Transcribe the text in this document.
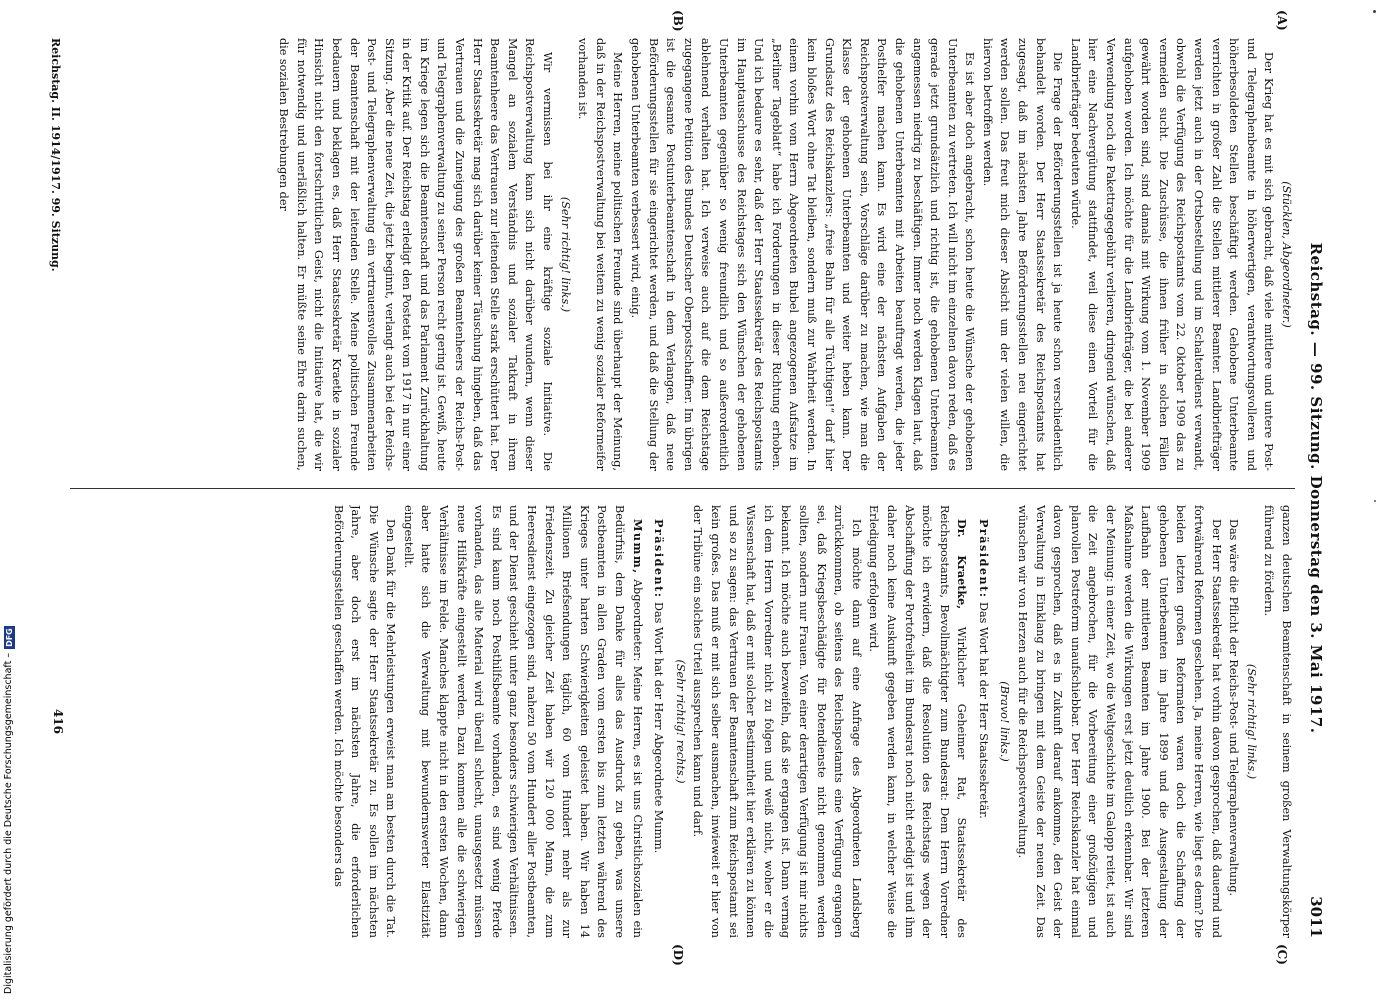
Reichstag. — 99. Sitzung. Donnerstag den 3. Mai 1917.
3011
(A)
(B)
(C)
(D)

(Stücklen, Abgeordneter.)

Der Krieg hat es mit sich gebracht, daß viele mittlere und untere Post- und Telegraphenbeamte in höherwertigen, verantwortungsvolleren und höherbesoldeten Stellen beschäftigt werden. Gehobene Unterbeamte verrichten in großer Zahl die Stellen mittlerer Beamter. Landbriefträger werden jetzt auch in der Ortsbestellung und im Schalterdienst verwandt, obwohl die Verfügung des Reichspostamts vom 22. Oktober 1909 das zu vermeiden sucht. Die Zuschüsse, die ihnen früher in solchen Fällen gewährt worden sind, sind damals mit Wirkung vom 1. November 1909 aufgehoben worden. Ich möchte für die Landbriefträger, die bei anderer Verwendung noch die Pakettragegebühr verlieren, dringend wünschen, daß hier eine Nachvergütung stattfindet, weil diese einen Vorteil für die Landbriefträger bedeuten würde.

Die Frage der Beförderungsstellen ist ja heute schon verschiedentlich behandelt worden. Der Herr Staatssekretär des Reichspostamts hat zugesagt, daß im nächsten Jahre Beförderungsstellen neu eingerichtet werden sollen. Das freut mich dieser Absicht um der vielen willen, die hiervon betroffen werden.

Es ist aber doch angebracht, schon heute die Wünsche der gehobenen Unterbeamten zu vertreten. Ich will nicht im einzelnen davon reden, daß es gerade jetzt grundsätzlich und richtig ist, die gehobenen Unterbeamten angemessen niedrig zu beschäftigen. Immer noch werden Klagen laut, daß die gehobenen Unterbeamten mit Arbeiten beauftragt werden, die jeder Posthelfer machen kann. Es wird eine der nächsten Aufgaben der Reichspostverwaltung sein, Vorschläge darüber zu machen, wie man die Klasse der gehobenen Unterbeamten und weiter heben kann. Der Grundsatz des Reichskanzlers: „freie Bahn für alle Tüchtigen!“ darf hier kein bloßes Wort ohne Tat bleiben, sondern muß zur Wahrheit werden. In einem vorhin vom Herrn Abgeordneten Bubel angezogenen Aufsatze im „Berliner Tageblatt“ habe ich Forderungen in dieser Richtung erhoben. Und ich bedaure es sehr, daß der Herr Staatssekretär des Reichspostamts im Hauptausschusse des Reichstages sich den Wünschen der gehobenen Unterbeamten gegenüber so wenig freundlich und so außerordentlich ablehnend verhalten hat. Ich verweise auch auf die dem Reichstage zugegangene Petition des Bundes Deutscher Oberpostschaffner. Im übrigen ist die gesamte Postunterbeamtenschaft in dem Verlangen, daß neue Beförderungsstellen für sie eingerichtet werden, und daß die Stellung der gehobenen Unterbeamten verbessert wird, einig.

Meine Herren, meine politischen Freunde sind überhaupt der Meinung, daß in der Reichspostverwaltung bei weitem zu wenig sozialer Reformeifer vorhanden ist.

(Sehr richtig! links.)

Wir vermissen bei ihr eine kräftige soziale Initiative. Die Reichspostverwaltung kann sich nicht darüber wundern, wenn dieser Mangel an sozialem Verständnis und sozialer Tatkraft in ihrem Beamtenheere das Vertrauen zur leitenden Stelle stark erschüttert hat. Der Herr Staatssekretär mag sich darüber keiner Täuschung hingeben, daß das Vertrauen und die Zuneigung des großen Beamtenheers der Reichs-Post- und Telegraphenverwaltung zu seiner Person recht gering ist. Gewiß, heute im Kriege legen sich die Beamtenschaft und das Parlament Zurückhaltung in der Kritik auf. Der Reichstag erledigt den Postetat vom 1917 in nur einer Sitzung. Aber die neue Zeit, die jetzt beginnt, verlangt auch bei der Reichs-Post- und Telegraphenverwaltung ein vertrauensvolles Zusammenarbeiten der Beamtenschaft mit der leitenden Stelle. Meine politischen Freunde bedauern und beklagen es, daß Herr Staatssekretär Kraetke in sozialer Hinsicht nicht den fortschrittlichen Geist, nicht die Initiative hat, die wir für notwendig und unerläßlich halten. Er müßte seine Ehre darin suchen, die sozialen Bestrebungen der

ganzen deutschen Beamtenschaft in seinem großen Verwaltungskörper führend zu fördern.

(Sehr richtig! links.)

Das wäre die Pflicht der Reichs-Post- und Telegraphenverwaltung.

Der Herr Staatssekretär hat vorhin davon gesprochen, daß dauernd und fortwährend Reformen geschehen. Ja, meine Herren, wie liegt es denn? Die beiden letzten großen Reformaten waren doch die Schaffung der gehobenen Unterbeamten im Jahre 1899 und die Ausgestaltung der Laufbahn der mittleren Beamten im Jahre 1900. Bei der letzteren Maßnahme werden die Wirkungen erst jetzt deutlich erkennbar. Wir sind der Meinung: in einer Zeit, wo die Weltgeschichte im Galopp reitet, ist auch die Zeit angebrochen, für die Vorbereitung einer großzügigen und planvollen Postreform unaufschiebbar. Der Herr Reichskanzler hat einmal davon gesprochen, daß es in Zukunft darauf ankomme, den Geist der Verwaltung in Einklang zu bringen mit dem Geiste der neuen Zeit. Das wünschen wir von Herzen auch für die Reichspostverwaltung.

(Bravo! links.)

Präsident: Das Wort hat der Herr Staatssekretär.

Dr. Kraetke, Wirklicher Geheimer Rat, Staatssekretär des Reichspostamts, Bevollmächtigter zum Bundesrat: Dem Herrn Vorredner möchte ich erwidern, daß die Resolution des Reichstags wegen der Abschaffung der Portofreiheit im Bundesrat noch nicht erledigt ist und ihm daher noch keine Auskunft gegeben werden kann, in welcher Weise die Erledigung erfolgen wird.

Ich möchte dann auf eine Anfrage des Abgeordneten Landsberg zurückkommen, ob seitens des Reichspostamts eine Verfügung ergangen sei, daß Kriegsbeschädigte für Botendienste nicht genommen werden sollten, sondern nur Frauen. Von einer derartigen Verfügung ist mir nichts bekannt. Ich möchte auch bezweifeln, daß sie ergangen ist. Dann vermag ich dem Herrn Vorredner nicht zu folgen und weiß nicht, woher er die Wissenschaft hat, daß er mit solcher Bestimmtheit hier erklären zu können und so zu sagen: das Vertrauen der Beamtenschaft zum Reichspostamt sei kein großes. Das muß er mit sich selber ausmachen, inwieweit er hier von der Tribüne ein solches Urteil aussprechen kann und darf.

(Sehr richtig! rechts.)

Präsident: Das Wort hat der Herr Abgeordnete Mumm.

Mumm, Abgeordneter: Meine Herren, es ist uns Christlichsozialen ein Bedürfnis, dem Danke für alles das Ausdruck zu geben, was unsere Postbeamten in allen Graden vom ersten bis zum letzten während des Krieges unter harten Schwierigkeiten geleistet haben. Wir haben 14 Millionen Briefsendungen täglich, 60 vom Hundert mehr als zur Friedenszeit. Zu gleicher Zeit haben wir 120 000 Mann, die zum Heeresdienst eingezogen sind, nahezu 50 vom Hundert aller Postbeamten, und der Dienst geschieht unter ganz besonders schwierigen Verhältnissen. Es sind kaum noch Posthilfsbeamte vorhanden, es sind wenig Pferde vorhanden, das alte Material wird überall schlecht, unausgesetzt müssen neue Hilfskräfte eingestellt werden. Dazu kommen alle die schwierigen Verhältnisse im Felde. Manches klappte nicht in den ersten Wochen, dann aber hatte sich die Verwaltung mit bewundernswerter Elastizität eingestellt.

Den Dank für die Mehrleistungen erweist man am besten durch die Tat. Die Wünsche sagte der Herr Staatssekretär zu. Es sollen im nächsten Jahre, aber doch erst im nächsten Jahre, die erforderlichen Beförderungsstellen geschaffen werden. Ich möchte besonders das

Reichstag. II. 1914/1917. 99. Sitzung.
416
Digitalisierung gefördert durch die Deutsche Forschungsgemeinschaft –
DFG
